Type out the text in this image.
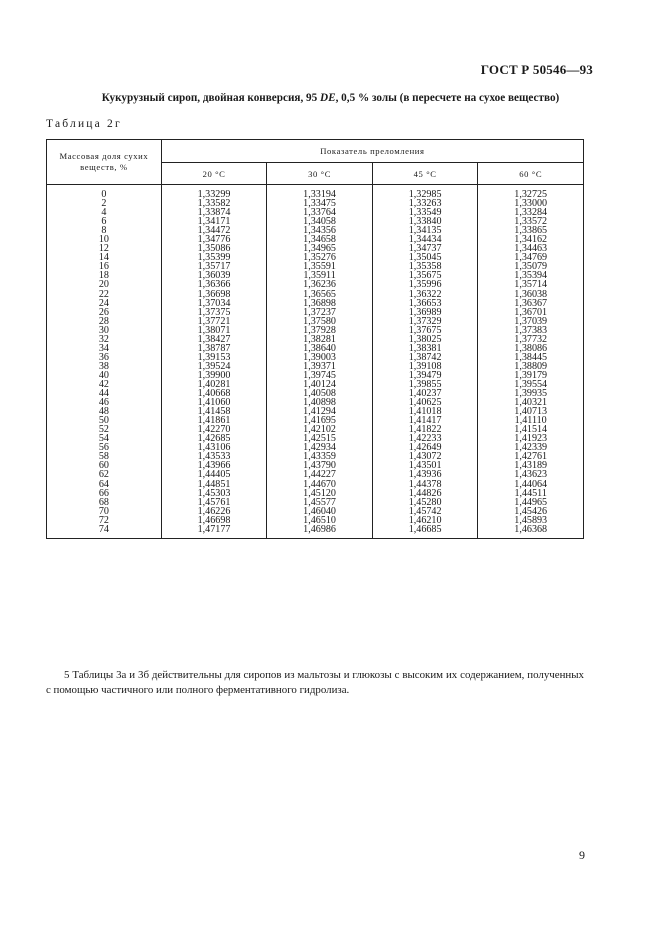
ГОСТ Р 50546—93
Кукурузный сироп, двойная конверсия, 95 DE, 0,5 % золы (в пересчете на сухое вещество)
Таблица 2г
Массовая доля сухих веществ, %	Показатель преломления			
	20 °C	30 °C	45 °C	60 °C
0	1,33299	1,33194	1,32985	1,32725
2	1,33582	1,33475	1,33263	1,33000
4	1,33874	1,33764	1,33549	1,33284
6	1,34171	1,34058	1,33840	1,33572
8	1,34472	1,34356	1,34135	1,33865
10	1,34776	1,34658	1,34434	1,34162
12	1,35086	1,34965	1,34737	1,34463
14	1,35399	1,35276	1,35045	1,34769
16	1,35717	1,35591	1,35358	1,35079
18	1,36039	1,35911	1,35675	1,35394
20	1,36366	1,36236	1,35996	1,35714
22	1,36698	1,36565	1,36322	1,36038
24	1,37034	1,36898	1,36653	1,36367
26	1,37375	1,37237	1,36989	1,36701
28	1,37721	1,37580	1,37329	1,37039
30	1,38071	1,37928	1,37675	1,37383
32	1,38427	1,38281	1,38025	1,37732
34	1,38787	1,38640	1,38381	1,38086
36	1,39153	1,39003	1,38742	1,38445
38	1,39524	1,39371	1,39108	1,38809
40	1,39900	1,39745	1,39479	1,39179
42	1,40281	1,40124	1,39855	1,39554
44	1,40668	1,40508	1,40237	1,39935
46	1,41060	1,40898	1,40625	1,40321
48	1,41458	1,41294	1,41018	1,40713
50	1,41861	1,41695	1,41417	1,41110
52	1,42270	1,42102	1,41822	1,41514
54	1,42685	1,42515	1,42233	1,41923
56	1,43106	1,42934	1,42649	1,42339
58	1,43533	1,43359	1,43072	1,42761
60	1,43966	1,43790	1,43501	1,43189
62	1,44405	1,44227	1,43936	1,43623
64	1,44851	1,44670	1,44378	1,44064
66	1,45303	1,45120	1,44826	1,44511
68	1,45761	1,45577	1,45280	1,44965
70	1,46226	1,46040	1,45742	1,45426
72	1,46698	1,46510	1,46210	1,45893
74	1,47177	1,46986	1,46685	1,46368
5 Таблицы 3а и 3б действительны для сиропов из мальтозы и глюкозы с высоким их содержанием, полученных с помощью частичного или полного ферментативного гидролиза.
9
